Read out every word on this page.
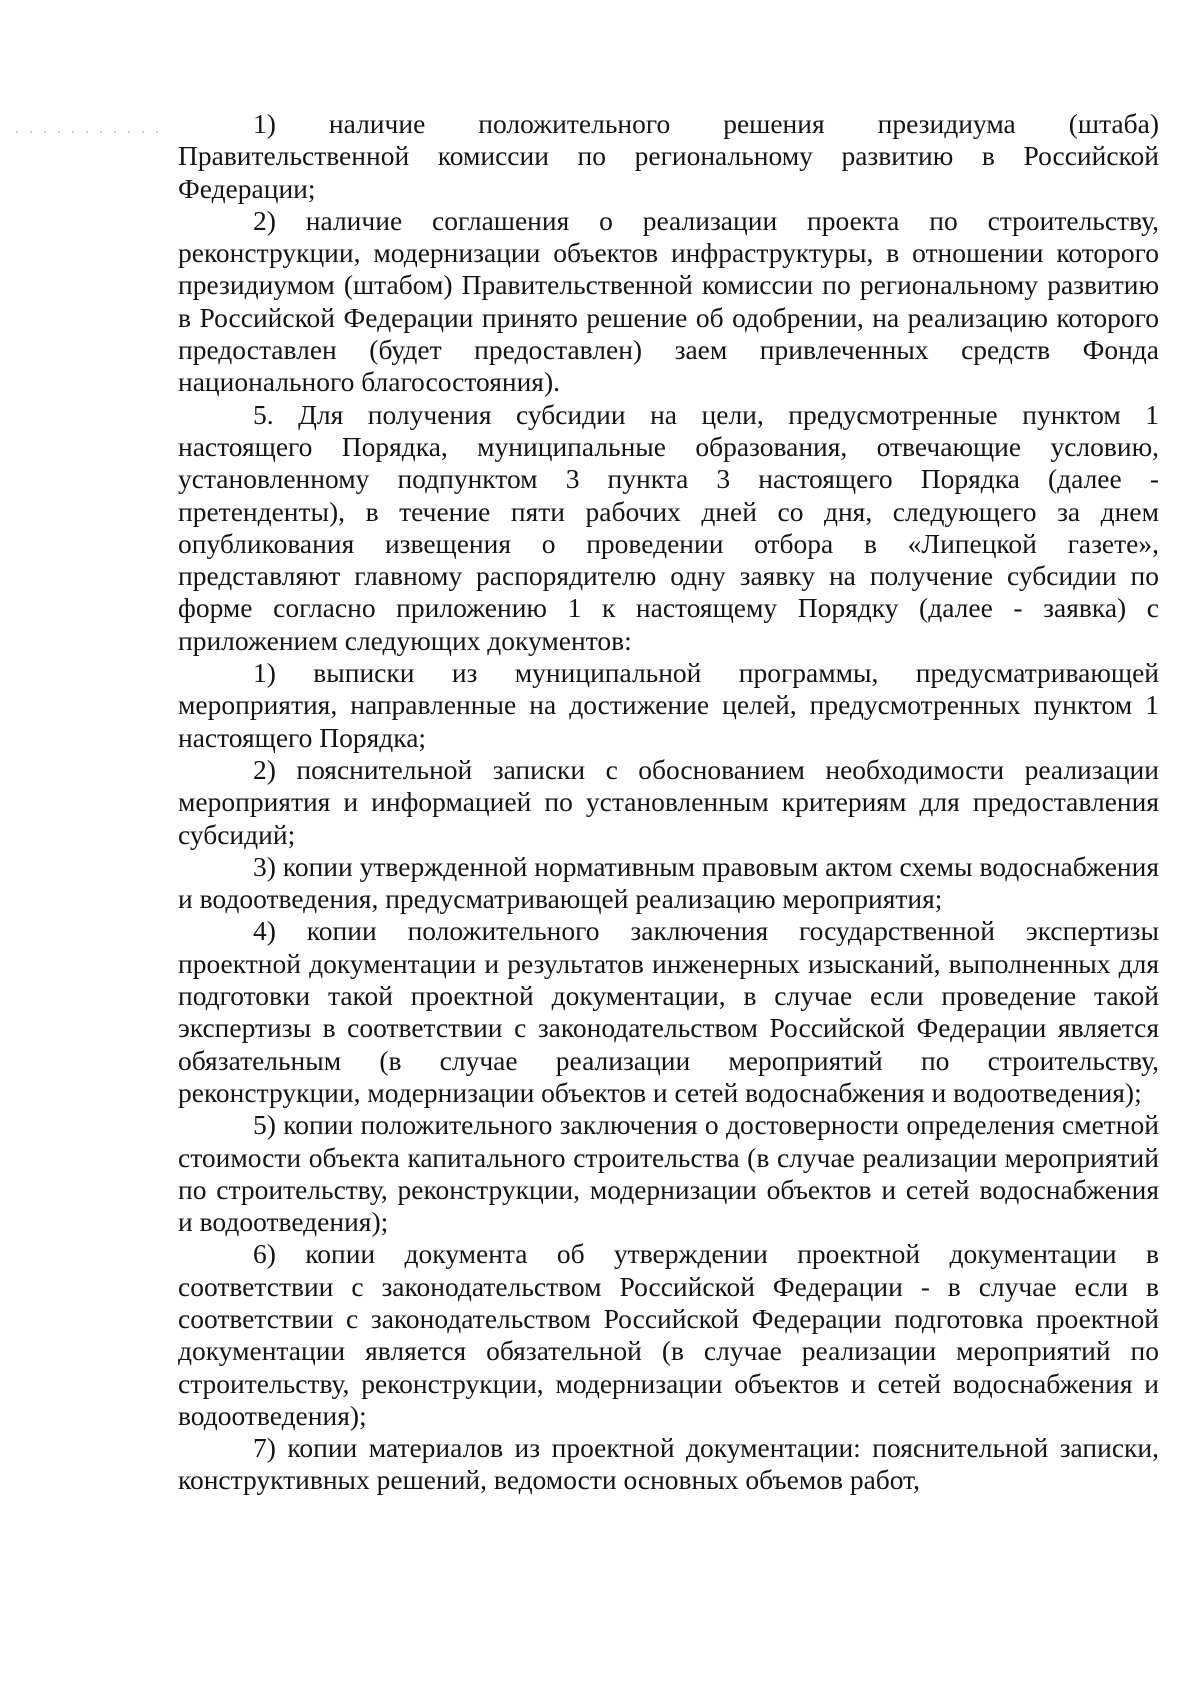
1) наличие положительного решения президиума (штаба) Правительственной комиссии по региональному развитию в Российской Федерации;

2) наличие соглашения о реализации проекта по строительству, реконструкции, модернизации объектов инфраструктуры, в отношении которого президиумом (штабом) Правительственной комиссии по региональному развитию в Российской Федерации принято решение об одобрении, на реализацию которого предоставлен (будет предоставлен) заем привлеченных средств Фонда национального благосостояния).

5. Для получения субсидии на цели, предусмотренные пунктом 1 настоящего Порядка, муниципальные образования, отвечающие условию, установленному подпунктом 3 пункта 3 настоящего Порядка (далее - претенденты), в течение пяти рабочих дней со дня, следующего за днем опубликования извещения о проведении отбора в «Липецкой газете», представляют главному распорядителю одну заявку на получение субсидии по форме согласно приложению 1 к настоящему Порядку (далее - заявка) с приложением следующих документов:

1) выписки из муниципальной программы, предусматривающей мероприятия, направленные на достижение целей, предусмотренных пунктом 1 настоящего Порядка;

2) пояснительной записки с обоснованием необходимости реализации мероприятия и информацией по установленным критериям для предоставления субсидий;

3) копии утвержденной нормативным правовым актом схемы водоснабжения и водоотведения, предусматривающей реализацию мероприятия;

4) копии положительного заключения государственной экспертизы проектной документации и результатов инженерных изысканий, выполненных для подготовки такой проектной документации, в случае если проведение такой экспертизы в соответствии с законодательством Российской Федерации является обязательным (в случае реализации мероприятий по строительству, реконструкции, модернизации объектов и сетей водоснабжения и водоотведения);

5) копии положительного заключения о достоверности определения сметной стоимости объекта капитального строительства (в случае реализации мероприятий по строительству, реконструкции, модернизации объектов и сетей водоснабжения и водоотведения);

6) копии документа об утверждении проектной документации в соответствии с законодательством Российской Федерации - в случае если в соответствии с законодательством Российской Федерации подготовка проектной документации является обязательной (в случае реализации мероприятий по строительству, реконструкции, модернизации объектов и сетей водоснабжения и водоотведения);

7) копии материалов из проектной документации: пояснительной записки, конструктивных решений, ведомости основных объемов работ,
